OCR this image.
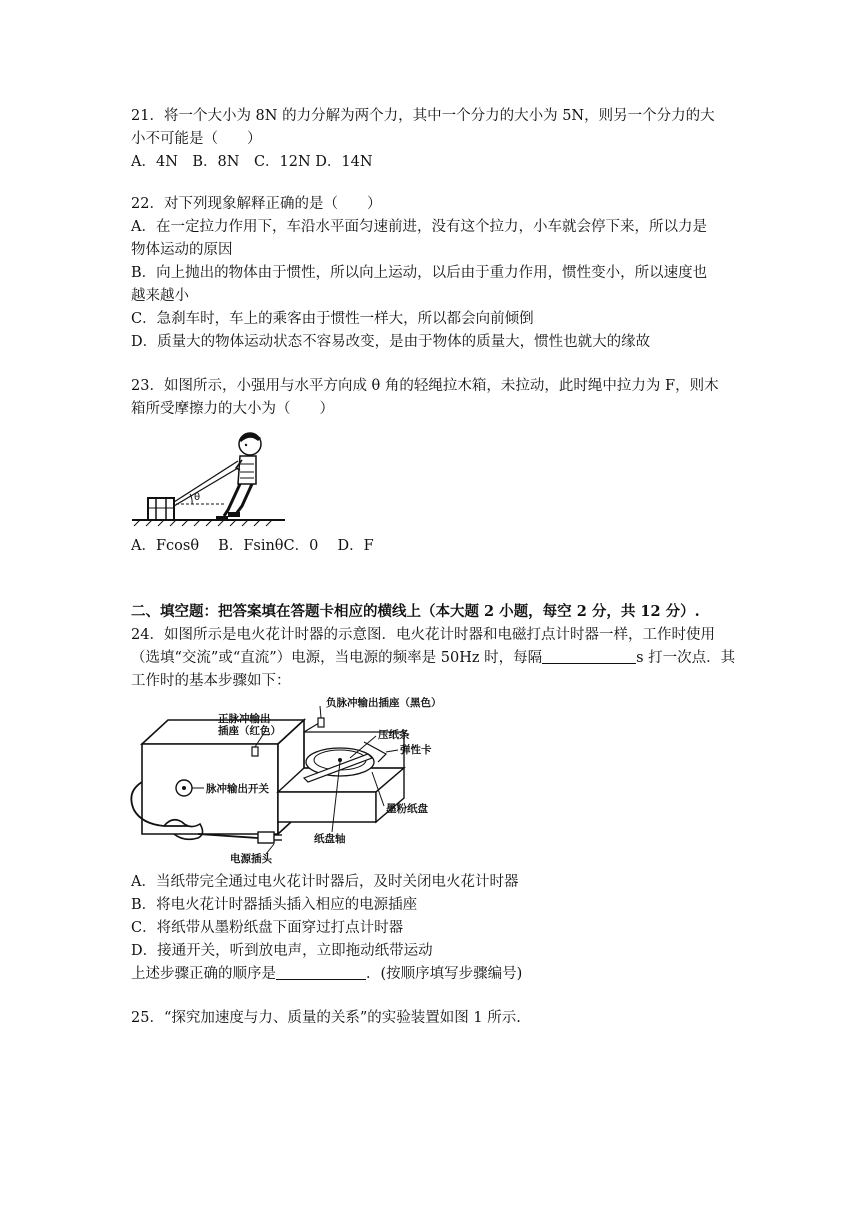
21．将一个大小为 8N 的力分解为两个力，其中一个分力的大小为 5N，则另一个分力的大
小不可能是（　　）
A．4N　B．8N　C．12N D．14N
22．对下列现象解释正确的是（　　）
A．在一定拉力作用下，车沿水平面匀速前进，没有这个拉力，小车就会停下来，所以力是
物体运动的原因
B．向上抛出的物体由于惯性，所以向上运动，以后由于重力作用，惯性变小，所以速度也
越来越小
C．急刹车时，车上的乘客由于惯性一样大，所以都会向前倾倒
D．质量大的物体运动状态不容易改变，是由于物体的质量大，惯性也就大的缘故
23．如图所示，小强用与水平方向成 θ 角的轻绳拉木箱，未拉动，此时绳中拉力为 F，则木
箱所受摩擦力的大小为（　　）
θ
A．Fcosθ　 B．FsinθC．0　 D．F
二、填空题：把答案填在答题卡相应的横线上（本大题 2 小题，每空 2 分，共 12 分）.
24．如图所示是电火花计时器的示意图．电火花计时器和电磁打点计时器一样，工作时使用
（选填“交流”或“直流”）电源，当电源的频率是 50Hz 时，每隔	s 打一次点．其
工作时的基本步骤如下：
负脉冲输出插座（黑色）
正脉冲输出
插座（红色）	压纸条
弹性卡
脉冲输出开关
墨粉纸盘
纸盘轴
电源插头
A．当纸带完全通过电火花计时器后，及时关闭电火花计时器
B．将电火花计时器插头插入相应的电源插座
C．将纸带从墨粉纸盘下面穿过打点计时器
D．接通开关，听到放电声，立即拖动纸带运动
上述步骤正确的顺序是	．(按顺序填写步骤编号)
25．“探究加速度与力、质量的关系”的实验装置如图 1 所示.
